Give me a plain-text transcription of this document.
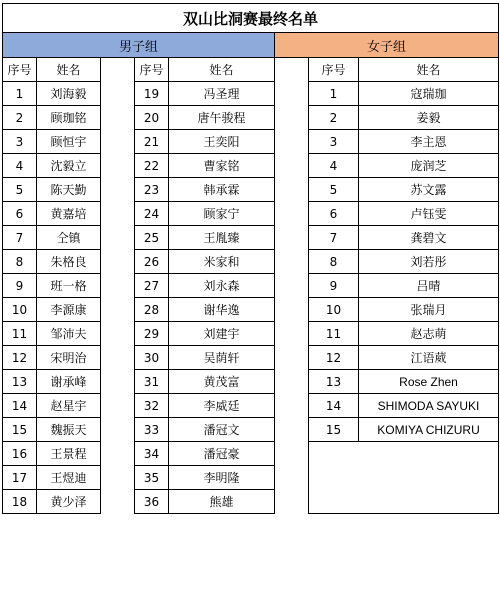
双山比洞赛最终名单							
男子组					女子组		
序号	姓名		序号	姓名		序号	姓名
1	刘海毅		19	冯圣理		1	寇瑞珈
2	顾珈铭		20	唐午骏程		2	姜毅
3	顾恒宇		21	王奕阳		3	李主恩
4	沈毅立		22	曹家铭		4	庞润芝
5	陈天勤		23	韩承霖		5	苏文露
6	黄嘉培		24	顾家宁		6	卢钰雯
7	仝镇		25	王胤臻		7	龚碧文
8	朱格良		26	米家和		8	刘若彤
9	班一格		27	刘永森		9	吕晴
10	李源康		28	谢华逸		10	张瑞月
11	邹沛夫		29	刘建宇		11	赵志萌
12	宋明治		30	吴荫轩		12	江语葳
13	谢承峰		31	黄茂富		13	Rose Zhen
14	赵星宇		32	李威廷		14	SHIMODA SAYUKI
15	魏振天		33	潘冠文		15	KOMIYA CHIZURU
16	王景程		34	潘冠豪			
17	王煜迪		35	李明隆			
18	黄少泽		36	熊雄			
